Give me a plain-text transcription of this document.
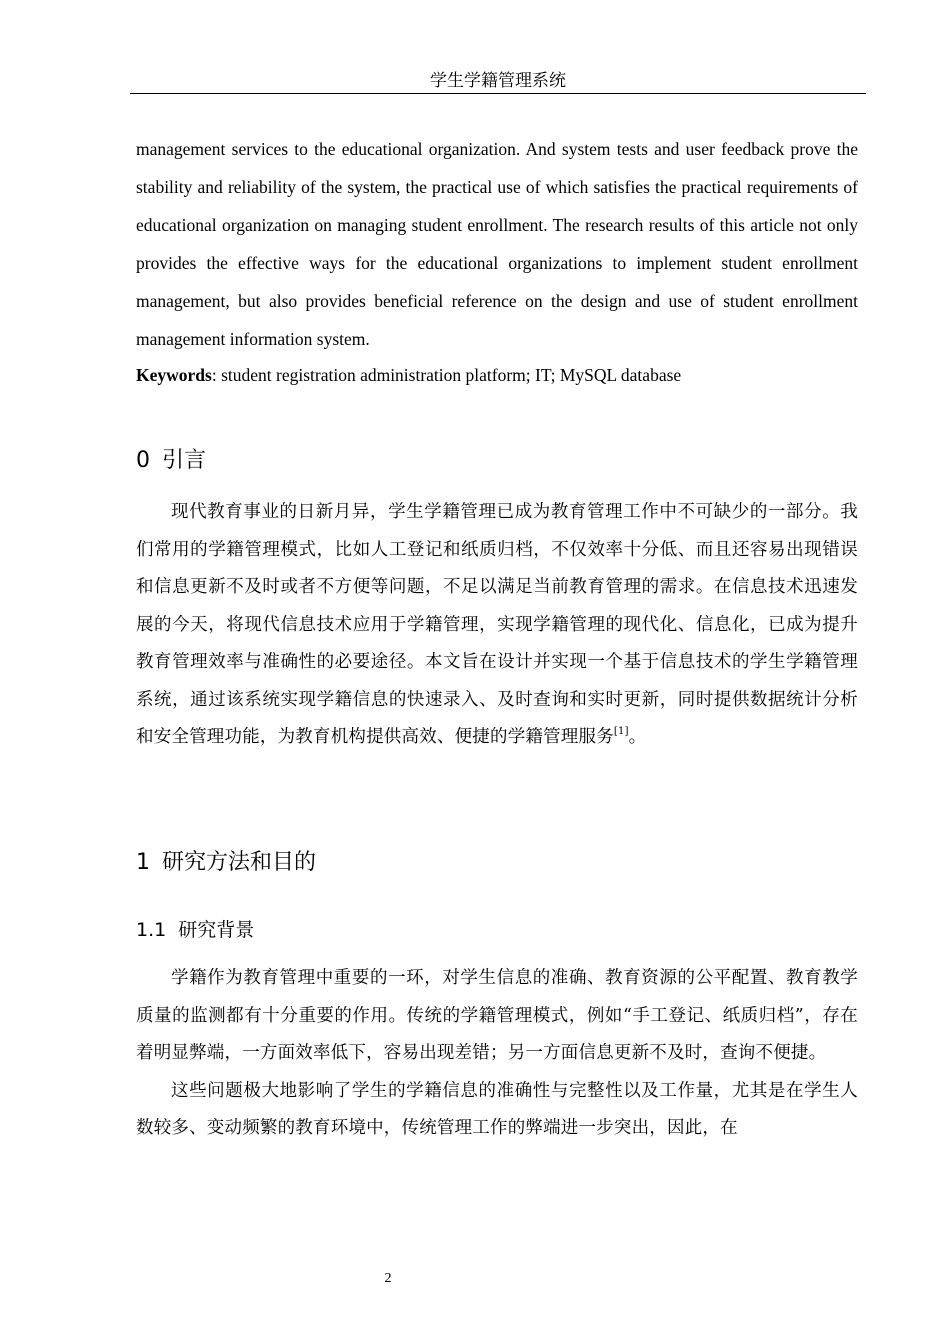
学生学籍管理系统

management services to the educational organization. And system tests and user feedback prove the stability and reliability of the system, the practical use of which satisfies the practical requirements of educational organization on managing student enrollment. The research results of this article not only provides the effective ways for the educational organizations to implement student enrollment management, but also provides beneficial reference on the design and use of student enrollment management information system.

Keywords: student registration administration platform; IT; MySQL database

0 引言

现代教育事业的日新月异，学生学籍管理已成为教育管理工作中不可缺少的一部分。我们常用的学籍管理模式，比如人工登记和纸质归档，不仅效率十分低、而且还容易出现错误和信息更新不及时或者不方便等问题，不足以满足当前教育管理的需求。在信息技术迅速发展的今天，将现代信息技术应用于学籍管理，实现学籍管理的现代化、信息化，已成为提升教育管理效率与准确性的必要途径。本文旨在设计并实现一个基于信息技术的学生学籍管理系统，通过该系统实现学籍信息的快速录入、及时查询和实时更新，同时提供数据统计分析和安全管理功能，为教育机构提供高效、便捷的学籍管理服务[1]。

1 研究方法和目的
1.1 研究背景

学籍作为教育管理中重要的一环，对学生信息的准确、教育资源的公平配置、教育教学质量的监测都有十分重要的作用。传统的学籍管理模式，例如“手工登记、纸质归档”，存在着明显弊端，一方面效率低下，容易出现差错；另一方面信息更新不及时，查询不便捷。

这些问题极大地影响了学生的学籍信息的准确性与完整性以及工作量，尤其是在学生人数较多、变动频繁的教育环境中，传统管理工作的弊端进一步突出，因此，在

2
